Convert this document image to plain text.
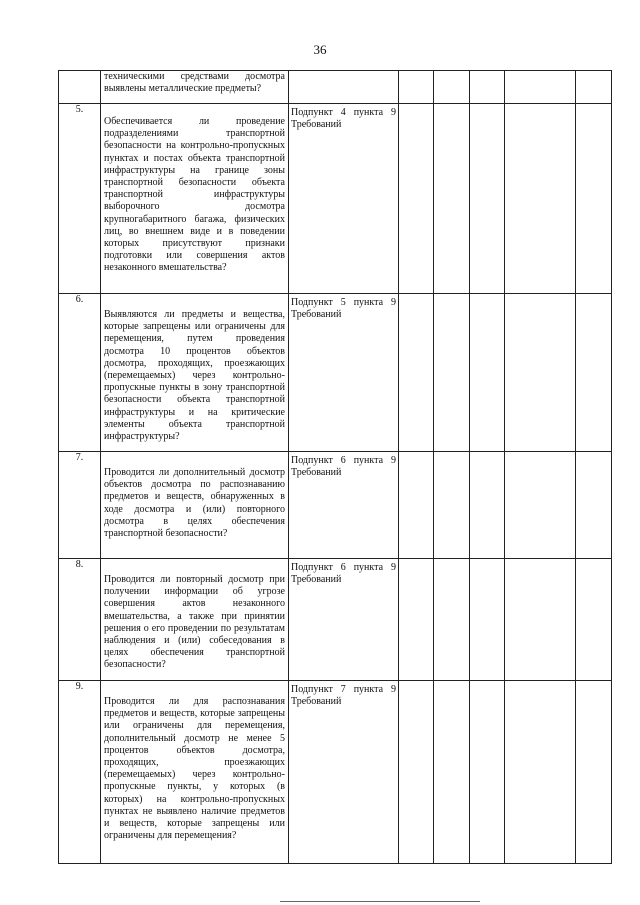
36

	техническими средствами досмотра выявлены металлические предметы?						

5.	Обеспечивается ли проведение подразделениями транспортной безопасности на контрольно-пропускных пунктах и постах объекта транспортной инфраструктуры на границе зоны транспортной безопасности объекта транспортной инфраструктуры выборочного досмотра крупногабаритного багажа, физических лиц, во внешнем виде и в поведении которых присутствуют признаки подготовки или совершения актов незаконного вмешательства?	Подпункт 4 пункта 9 Требований					

6.	Выявляются ли предметы и вещества, которые запрещены или ограничены для перемещения, путем проведения досмотра 10 процентов объектов досмотра, проходящих, проезжающих (перемещаемых) через контрольно-пропускные пункты в зону транспортной безопасности объекта транспортной инфраструктуры и на критические элементы объекта транспортной инфраструктуры?	Подпункт 5 пункта 9 Требований					

7.	Проводится ли дополнительный досмотр объектов досмотра по распознаванию предметов и веществ, обнаруженных в ходе досмотра и (или) повторного досмотра в целях обеспечения транспортной безопасности?	Подпункт 6 пункта 9 Требований					

8.	Проводится ли повторный досмотр при получении информации об угрозе совершения актов незаконного вмешательства, а также при принятии решения о его проведении по результатам наблюдения и (или) собеседования в целях обеспечения транспортной безопасности?	Подпункт 6 пункта 9 Требований					

9.	Проводится ли для распознавания предметов и веществ, которые запрещены или ограничены для перемещения, дополнительный досмотр не менее 5 процентов объектов досмотра, проходящих, проезжающих (перемещаемых) через контрольно-пропускные пункты, у которых (в которых) на контрольно-пропускных пунктах не выявлено наличие предметов и веществ, которые запрещены или ограничены для перемещения?	Подпункт 7 пункта 9 Требований					
